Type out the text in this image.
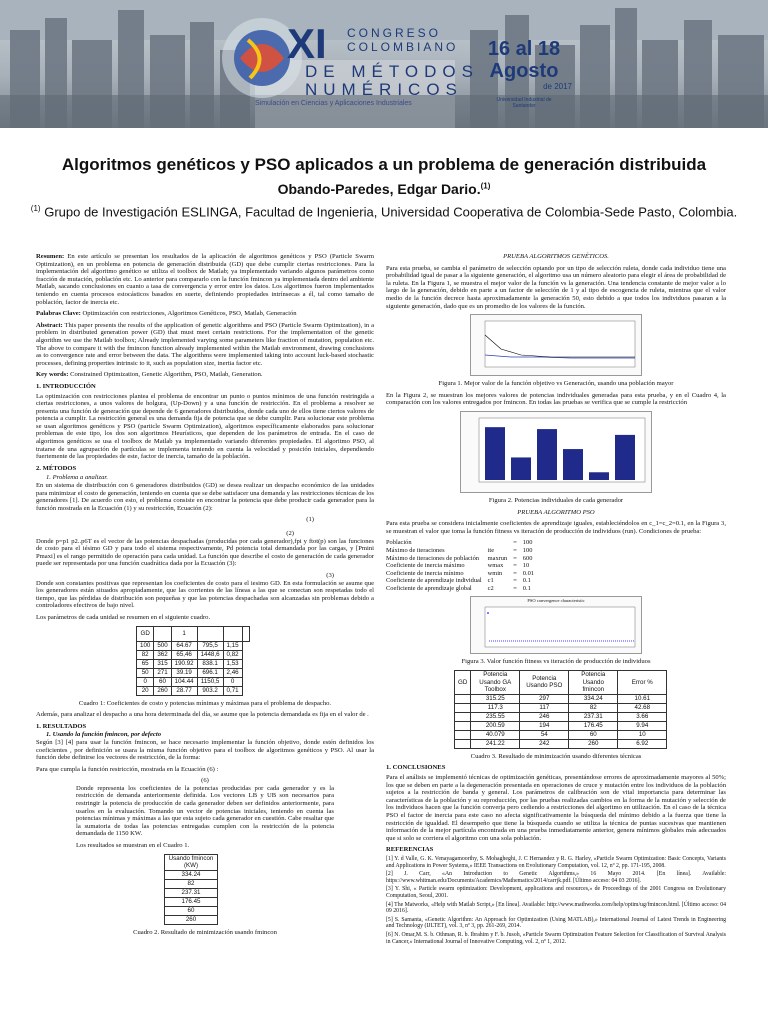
XI CONGRESO
COLOMBIANO
DE MÉTODOS
NUMÉRICOS
Simulación en Ciencias y Aplicaciones Industriales
16 al 18
Agosto
de 2017
Universidad Industrial de Santander
Algoritmos genéticos y PSO aplicados a un problema de generación distribuida
Obando-Paredes, Edgar Dario.$^{(1)}$
$^{(1)}$ Grupo de Investigación ESLINGA, Facultad de Ingenieria, Universidad Cooperativa de Colombia-Sede Pasto, Colombia.

Resumen: En este artículo se presentan los resultados de la aplicación de algoritmos genéticos y PSO (Particle Swarm Optimization), en un problema en potencia de generación distribuida (GD) que debe cumplir ciertas restricciones. Para la implementación del algoritmo genético se utiliza el toolbox de Matlab; ya implementado variando algunos parámetros como fracción de mutación, población etc. Lo anterior para compararlo con la función fmincon ya implementada dentro del ambiente Matlab, sacando conclusiones en cuanto a tasa de convergencia y error entre los datos. Los algoritmos fueron implementados teniendo en cuenta procesos estocásticos basados en suerte, definiendo propiedades intrínsecas a él, tal como tamaño de población, factor de inercia etc.

Palabras Clave: Optimización con restricciones, Algoritmos Genéticos, PSO, Matlab, Generación

Abstract: This paper presents the results of the application of genetic algorithms and PSO (Particle Swarm Optimization), in a problem in distributed generation power (GD) that must meet certain restrictions. For the implementation of the genetic algorithm we use the Matlab toolbox; Already implemented varying some parameters like fraction of mutation, population etc. The above to compare it with the fmincon function already implemented within the Matlab environment, drawing conclusions as to convergence rate and error between the data. The algorithms were implemented taking into account luck-based stochastic processes, defining properties intrinsic to it, such as population size, inertia factor etc.

Key words: Constrained Optimization, Genetic Algorithm, PSO, Matlab, Generation.

1. INTRODUCCIÓN

La optimización con restricciones plantea el problema de encontrar un punto o puntos mínimos de una función restringida a ciertas restricciones, a unos valores de holgura, (Up-Down) y a una función de restricción. En el problema a resolver se presenta una función de generación que depende de 6 generadores distribuidos, donde cada uno de ellos tiene ciertos valores de potencia a cumplir. La restricción general es una demanda fija de potencia que se debe cumplir. Para solucionar este problema se usan algoritmos genéticos y PSO (particle Swarm Optimization), algoritmos específicamente elaborados para solucionar problemas de este tipo, los dos son algoritmos Heurísticos, que dependen de los parámetros de entrada. En el caso de algoritmos genéticos se usa el toolbox de Matlab ya implementado variando diferentes propiedades. El algoritmo PSO, al tratarse de una agrupación de partículas se implementa teniendo en cuenta la velocidad y posición iniciales, dependiendo fuertemente de las propiedades de este, factor de inercia, tamaño de la población.

2. MÉTODOS
1. Problema a analizar.

En un sistema de distribución con 6 generadores distribuidos (GD) se desea realizar un despacho económico de las unidades para minimizar el costo de generación, teniendo en cuenta que se debe satisfacer una demanda y las restricciones técnicas de los generadores [1]. De acuerdo con esto, el problema consiste en encontrar la potencia que debe producir cada generador para la función mostrada en la Ecuación (1) y su restricción, Ecuación (2):

(1)
(2)

Donde p=p1 p2..p6T es el vector de las potencias despachadas (producidas por cada generador),fpi y ftot(p) son las funciones de costo para el iésimo GD y para todo el sistema respectivamente, Pd potencia total demandada por las cargas, y [Pmini Pmaxi] es el rango permitido de operación para cada unidad. La función que describe el costo de generación de cada generador puede ser representada por una función cuadrática dada por la Ecuación (3):

(3)

Donde son constantes positivas que representan los coeficientes de costo para el iesimo GD. En esta formulación se asume que los generadores están situados apropiadamente, que las corrientes de las líneas a las que se conectan son respetadas todo el tiempo, que las pérdidas de distribución son pequeñas y que las potencias despachadas son alcanzadas sin problemas debido a controladores efectivos de bajo nivel.

Los parámetros de cada unidad se resumen en el siguiente cuadro.

GD		1			
100	500	64.67	795,5	1,15	
82	362	65,46	1448,6	0,82	
65	315	190.92	838.1	1,53	
50	271	39.19	696.1	2,46	
0	60	104.44	1150,5	0	
20	260	28.77	903.2	0,71	
Cuadro 1: Coeficientes de costo y potencias mínimas y máximas para el problema de despacho.

Además, para analizar el despacho a una hora determinada del día, se asume que la potencia demandada es fija en el valor de .

1. RESULTADOS
1. Usando la función fmincon, por defecto

Según [3] [4] para usar la función fmincon, se hace necesario implementar la función objetivo, donde estén definidos los coeficientes , por definición se usara la misma función objetivo para el toolbox de algoritmos genéticos y PSO. Al usar la función debe definirse los vectores de restricción, de la forma:

Para que cumpla la función restricción, mostrada en la Ecuación (6) :

(6)

Donde representa los coeficientes de la potencias producidas por cada generador y es la restricción de demanda anteriormente definida. Los vectores LB y UB son necesarios para restringir la potencia de producción de cada generador deben ser definidos anteriormente, para usarlos en la evaluación. Tomando un vector de potencias iniciales, teniendo en cuenta las potencias mínimas y máximas a las que esta sujeto cada generador en cuestión. Cabe resaltar que la sumatoria de todas las potencias entregadas cumplen con la restricción de la potencia demandada de 1150 KW.

Los resultados se muestran en el Cuadro 1.

Usando fmincon (KW)
334.24
82
237.31
176.45
60
260
Cuadro 2. Resultado de minimización usando fmincon
PRUEBA ALGORITMOS GENÉTICOS.

Para esta prueba, se cambia el parámetro de selección optando por un tipo de selección ruleta, donde cada individuo tiene una probabilidad igual de pasar a la siguiente generación, el algoritmo usa un número aleatorio para elegir el área de probabilidad de la ruleta. En la Figura 1, se muestra el mejor valor de la función vs la generación. Una tendencia constante de mejor valor a lo largo de la generación, debido en parte a un factor de selección de 1 y al tipo de escogencia de ruleta, mientras que el valor medio de la función decrece hasta aproximadamente la generación 50, esto debido a que todos los individuos pasaran a la siguiente generación, dado que es un promedio de los valores de la función.

Figura 1. Mejor valor de la función objetivo vs Generación, usando una población mayor

En la Figura 2, se muestran los mejores valores de potencias individuales generadas para esta prueba, y en el Cuadro 4, la comparación con los valores entregados por fmincon. En todas las pruebas se verifica que se cumple la restricción

Figura 2. Potencias individuales de cada generador
PRUEBA ALGORITMO PSO

Para esta prueba se considera inicialmente coeficientes de aprendizaje iguales, estableciéndolos en c_1=c_2=0.1, en la Figura 3, se muestran el valor que toma la función fitness vs iteración de producción de individuos (run). Condiciones de prueba:

Población		=	100
Máximo de iteraciones	ite	=	100
Máximo de iteraciones de población	maxrun	=	600
Coeficiente de inercia máximo	wmax	=	10
Coeficiente de inercia mínimo	wmin	=	0.01
Coeficiente de aprendizaje individual	c1	=	0.1
Coeficiente de aprendizaje global	c2	=	0.1
PSO convergence characteristic
Figura 3. Valor función fitness vs iteración de producción de individuos
GD	Potencia Usando GA Toolbox	Potencia Usando PSO	Potencia Usando fmincon	Error %
	315.25	297	334.24	10.61
	117.3	117	82	42.68
	235.55	246	237.31	3.66
	200.59	194	176.45	9.94
	40.079	54	60	10
	241.22	242	260	6.92
Cuadro 3. Resultado de minimización usando diferentes técnicas
1. CONCLUSIONES

Para el análisis se implementó técnicas de optimización genéticas, presentándose errores de aproximadamente mayores al 50%; los que se deben en parte a la degeneración presentada en operaciones de cruce y mutación entre los individuos de la población sujetos a la restricción de banda y general. Los parámetros de calibración son de vital importancia para determinar las características de la población y su reproducción, por las pruebas realizadas cambios en la forma de la mutación y selección de los individuos hacen que la función converja pero cediendo a restricciones del algoritmo en utilización. En el caso de la técnica PSO el factor de inercia para este caso no afecta significativamente la búsqueda del mínimo debido a la fuerza que tiene la restricción de igualdad. El desempeño que tiene la búsqueda cuando se utiliza la técnica de puntas sucesivas que mantienen información de la mejor partícula encontrada en una prueba inmediatamente anterior, genera mínimos globales más adecuados que si solo se corriera el algoritmo con una sola población.

REFERENCIAS

[1] Y. d Valle, G. K. Venayagamoorthy, S. Mohagheghi, J. C Hernandez y R. G. Harley, «Particle Swarm Optimization: Basic Concepts, Variants and Applications in Power Systems,» IEEE Transactions on Evolutionary Computation, vol. 12, nº 2, pp. 171-195, 2008.

[2] J. Carr, «An Introduction to Genetic Algorithms,» 16 Mayo 2014. [En línea]. Available: https://www.whitman.edu/Documents/Academics/Mathematics/2014/carrjk.pdf. [Último acceso: 04 03 2016].

[3] Y. Shi, « Particle swarm optimization: Development, applications and resources,» de Proceedings of the 2001 Congress on Evolutionary Computation, Seoul, 2001.

[4] The Matworks, «Help with Matlab Script,» [En línea]. Available: http://www.mathworks.com/help/optim/ug/fmincon.html. [Último acceso: 04 09 2016].

[5] S. Samanta, «Genetic Algorithm: An Approach for Optimization (Using MATLAB),» International Journal of Latest Trends in Engineering and Technology (IJLTET), vol. 3, nº 3, pp. 261-269, 2014.

[6] N. Omar,M. S. b. Othman, R. b. Ibrahim y F. b. Jusoh, «Particle Swarm Optimization Feature Selection for Classification of Survival Analysis in Cancer,» International Journal of Innovative Computing, vol. 2, nº 1, 2012.
